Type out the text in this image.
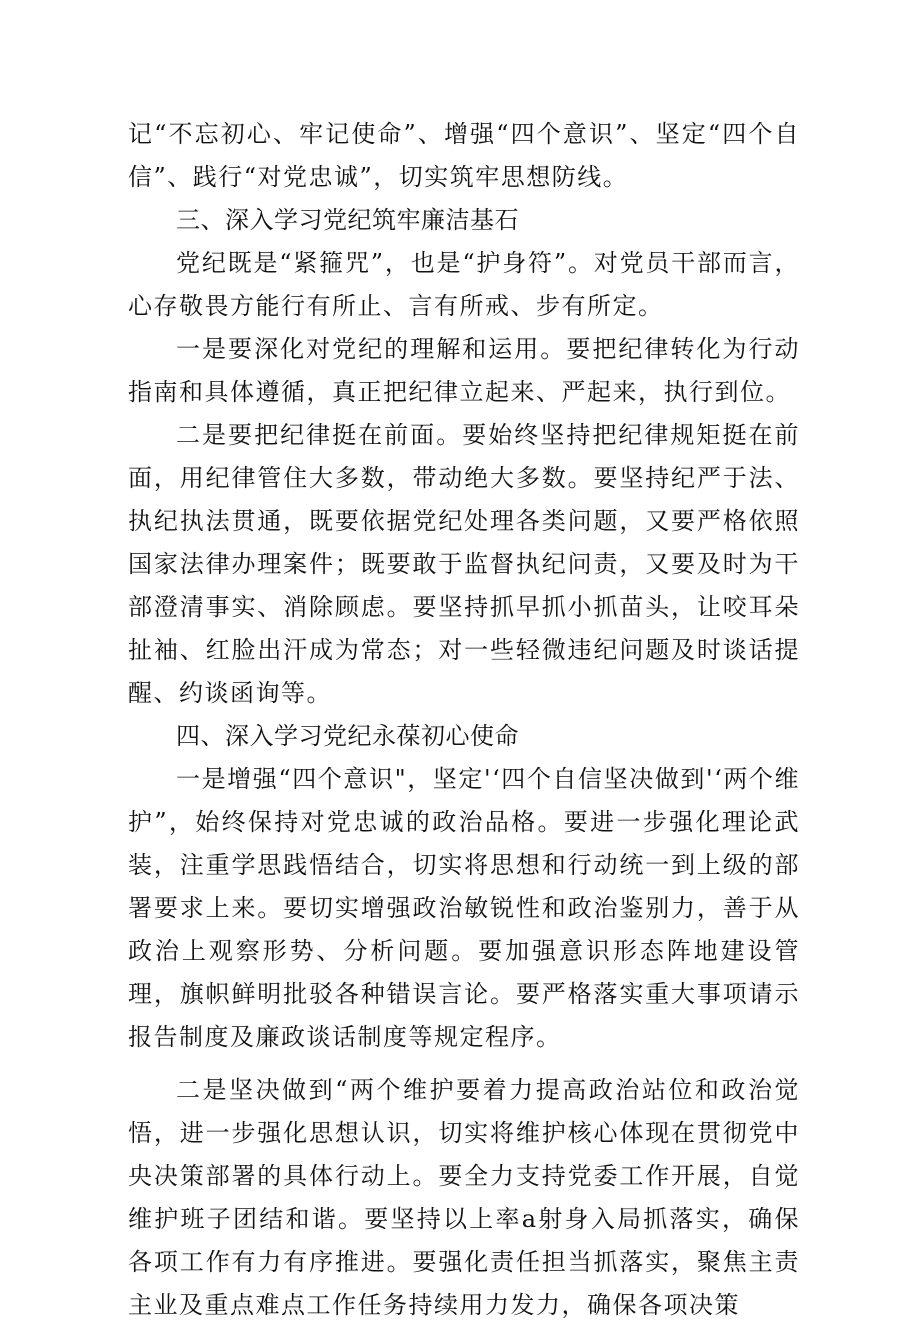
记“不忘初心、牢记使命”、增强“四个意识”、坚定“四个自信”、践行“对党忠诚”，切实筑牢思想防线。

三、深入学习党纪筑牢廉洁基石

党纪既是“紧箍咒”，也是“护身符”。对党员干部而言，心存敬畏方能行有所止、言有所戒、步有所定。

一是要深化对党纪的理解和运用。要把纪律转化为行动指南和具体遵循，真正把纪律立起来、严起来，执行到位。

二是要把纪律挺在前面。要始终坚持把纪律规矩挺在前面，用纪律管住大多数，带动绝大多数。要坚持纪严于法、执纪执法贯通，既要依据党纪处理各类问题，又要严格依照国家法律办理案件；既要敢于监督执纪问责，又要及时为干部澄清事实、消除顾虑。要坚持抓早抓小抓苗头，让咬耳朵扯袖、红脸出汗成为常态；对一些轻微违纪问题及时谈话提醒、约谈函询等。

四、深入学习党纪永葆初心使命

一是增强“四个意识"，坚定'‘四个自信坚决做到'‘两个维护”，始终保持对党忠诚的政治品格。要进一步强化理论武装，注重学思践悟结合，切实将思想和行动统一到上级的部署要求上来。要切实增强政治敏锐性和政治鉴别力，善于从政治上观察形势、分析问题。要加强意识形态阵地建设管理，旗帜鲜明批驳各种错误言论。要严格落实重大事项请示报告制度及廉政谈话制度等规定程序。

二是坚决做到“两个维护要着力提高政治站位和政治觉悟，进一步强化思想认识，切实将维护核心体现在贯彻党中央决策部署的具体行动上。要全力支持党委工作开展，自觉维护班子团结和谐。要坚持以上率a射身入局抓落实，确保各项工作有力有序推进。要强化责任担当抓落实，聚焦主责主业及重点难点工作任务持续用力发力，确保各项决策
